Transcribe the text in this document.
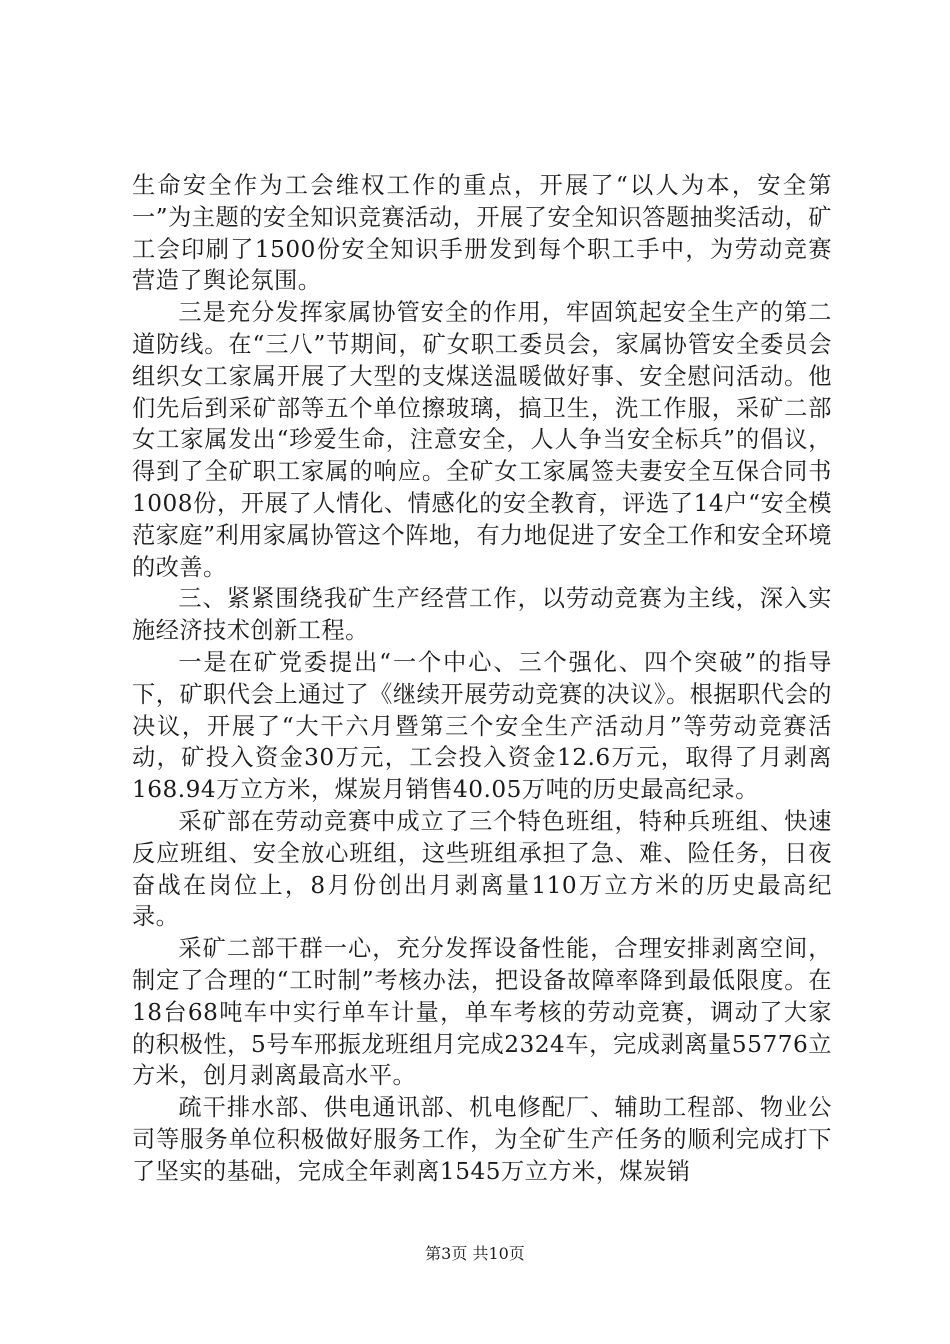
生命安全作为工会维权工作的重点，开展了“以人为本，安全第一”为主题的安全知识竞赛活动，开展了安全知识答题抽奖活动，矿工会印刷了1500份安全知识手册发到每个职工手中，为劳动竞赛营造了舆论氛围。

三是充分发挥家属协管安全的作用，牢固筑起安全生产的第二道防线。在“三八”节期间，矿女职工委员会，家属协管安全委员会组织女工家属开展了大型的支煤送温暖做好事、安全慰问活动。他们先后到采矿部等五个单位擦玻璃，搞卫生，洗工作服，采矿二部女工家属发出“珍爱生命，注意安全，人人争当安全标兵”的倡议，得到了全矿职工家属的响应。全矿女工家属签夫妻安全互保合同书1008份，开展了人情化、情感化的安全教育，评选了14户“安全模范家庭”利用家属协管这个阵地，有力地促进了安全工作和安全环境的改善。

三、紧紧围绕我矿生产经营工作，以劳动竞赛为主线，深入实施经济技术创新工程。

一是在矿党委提出“一个中心、三个强化、四个突破”的指导下，矿职代会上通过了《继续开展劳动竞赛的决议》。根据职代会的决议，开展了“大干六月暨第三个安全生产活动月”等劳动竞赛活动，矿投入资金30万元，工会投入资金12.6万元，取得了月剥离168.94万立方米，煤炭月销售40.05万吨的历史最高纪录。

采矿部在劳动竞赛中成立了三个特色班组，特种兵班组、快速反应班组、安全放心班组，这些班组承担了急、难、险任务，日夜奋战在岗位上，8月份创出月剥离量110万立方米的历史最高纪录。

采矿二部干群一心，充分发挥设备性能，合理安排剥离空间，制定了合理的“工时制”考核办法，把设备故障率降到最低限度。在18台68吨车中实行单车计量，单车考核的劳动竞赛，调动了大家的积极性，5号车邢振龙班组月完成2324车，完成剥离量55776立方米，创月剥离最高水平。

疏干排水部、供电通讯部、机电修配厂、辅助工程部、物业公司等服务单位积极做好服务工作，为全矿生产任务的顺利完成打下了坚实的基础，完成全年剥离1545万立方米，煤炭销

第3页 共10页
